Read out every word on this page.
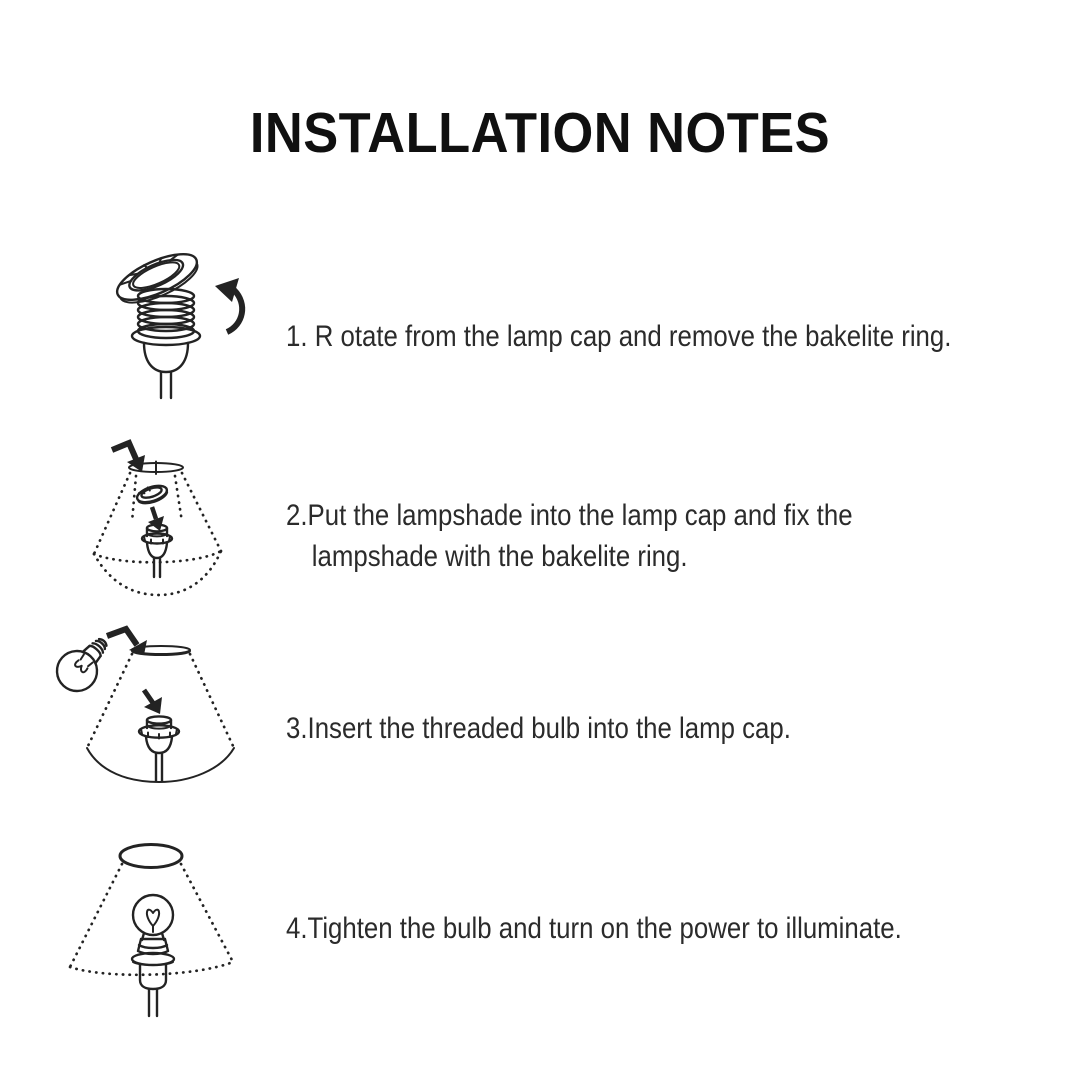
INSTALLATION NOTES

1. R otate from the lamp cap and remove the bakelite ring.

2.Put the lampshade into the lamp cap and fix the
lampshade with the bakelite ring.

3.Insert the threaded bulb into the lamp cap.

4.Tighten the bulb and turn on the power to illuminate.
